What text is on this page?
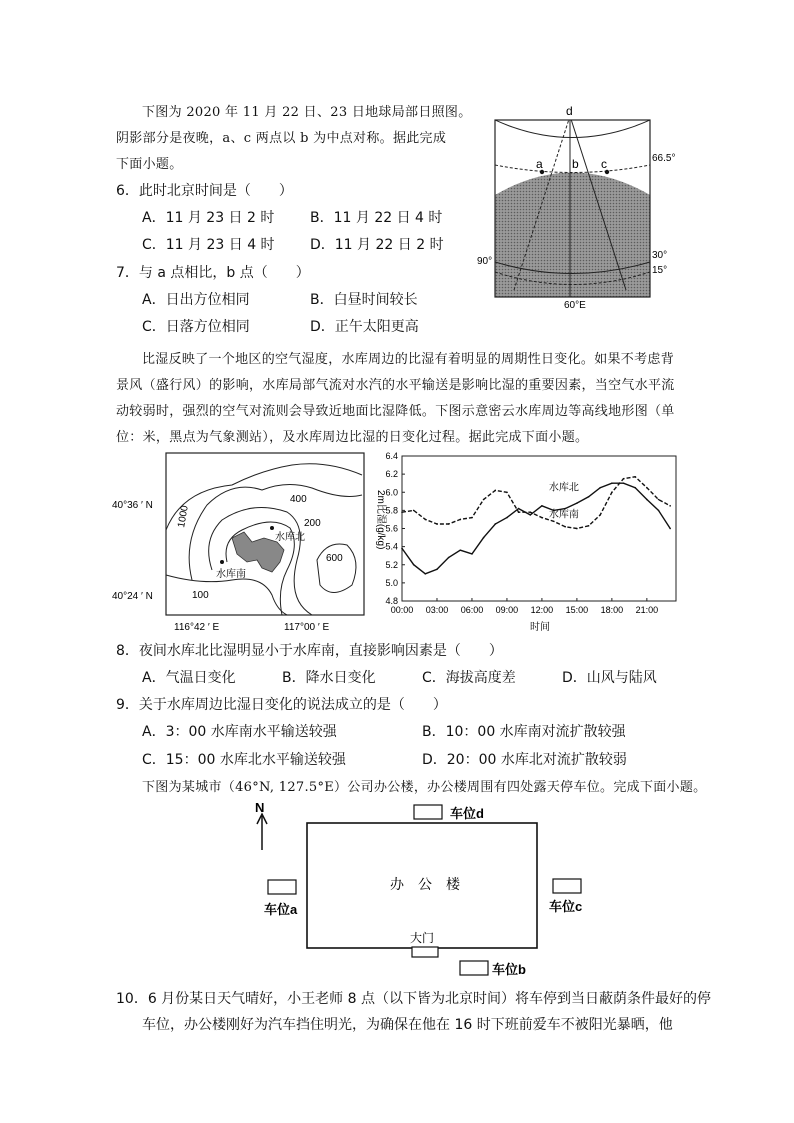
下图为 2020 年 11 月 22 日、23 日地球局部日照图。
阴影部分是夜晚，a、c 两点以 b 为中点对称。据此完成
下面小题。
6．此时北京时间是（　　）
A．11 月 23 日 2 时	B．11 月 22 日 4 时
C．11 月 23 日 4 时	D．11 月 22 日 2 时
7．与 a 点相比，b 点（　　）
A．日出方位相同	B．白昼时间较长
C．日落方位相同	D．正午太阳更高
d
a b c	66.5°
30°
15°
90°
60°E
比湿反映了一个地区的空气湿度，水库周边的比湿有着明显的周期性日变化。如果不考虑背
景风（盛行风）的影响，水库局部气流对水汽的水平输送是影响比湿的重要因素，当空气水平流
动较弱时，强烈的空气对流则会导致近地面比湿降低。下图示意密云水库周边等高线地形图（单
位：米，黑点为气象测站），及水库周边比湿的日变化过程。据此完成下面小题。
40°36 ′ N
40°24 ′ N
116°42 ′ E	117°00 ′ E
400
200
1000
600
100
水库北
水库南
2m比湿(g/kg)
时间
6.4
6.2
6.0
5.8
5.6
5.4
5.2
5.0
4.8
00:00 03:00 06:00 09:00 12:00 15:00 18:00 21:00
水库北
水库南
8．夜间水库北比湿明显小于水库南，直接影响因素是（　　）
A．气温日变化	B．降水日变化	C．海拔高度差	D．山风与陆风
9．关于水库周边比湿日变化的说法成立的是（　　）
A．3：00 水库南水平输送较强	B．10：00 水库南对流扩散较强
C．15：00 水库北水平输送较强	D．20：00 水库北对流扩散较弱
下图为某城市（46°N, 127.5°E）公司办公楼，办公楼周围有四处露天停车位。完成下面小题。
N
办　公　楼
大门
车位d
车位a	车位c
车位b
10．6 月份某日天气晴好，小王老师 8 点（以下皆为北京时间）将车停到当日蔽荫条件最好的停
车位，办公楼刚好为汽车挡住明光，为确保在他在 16 时下班前爱车不被阳光暴晒，他
